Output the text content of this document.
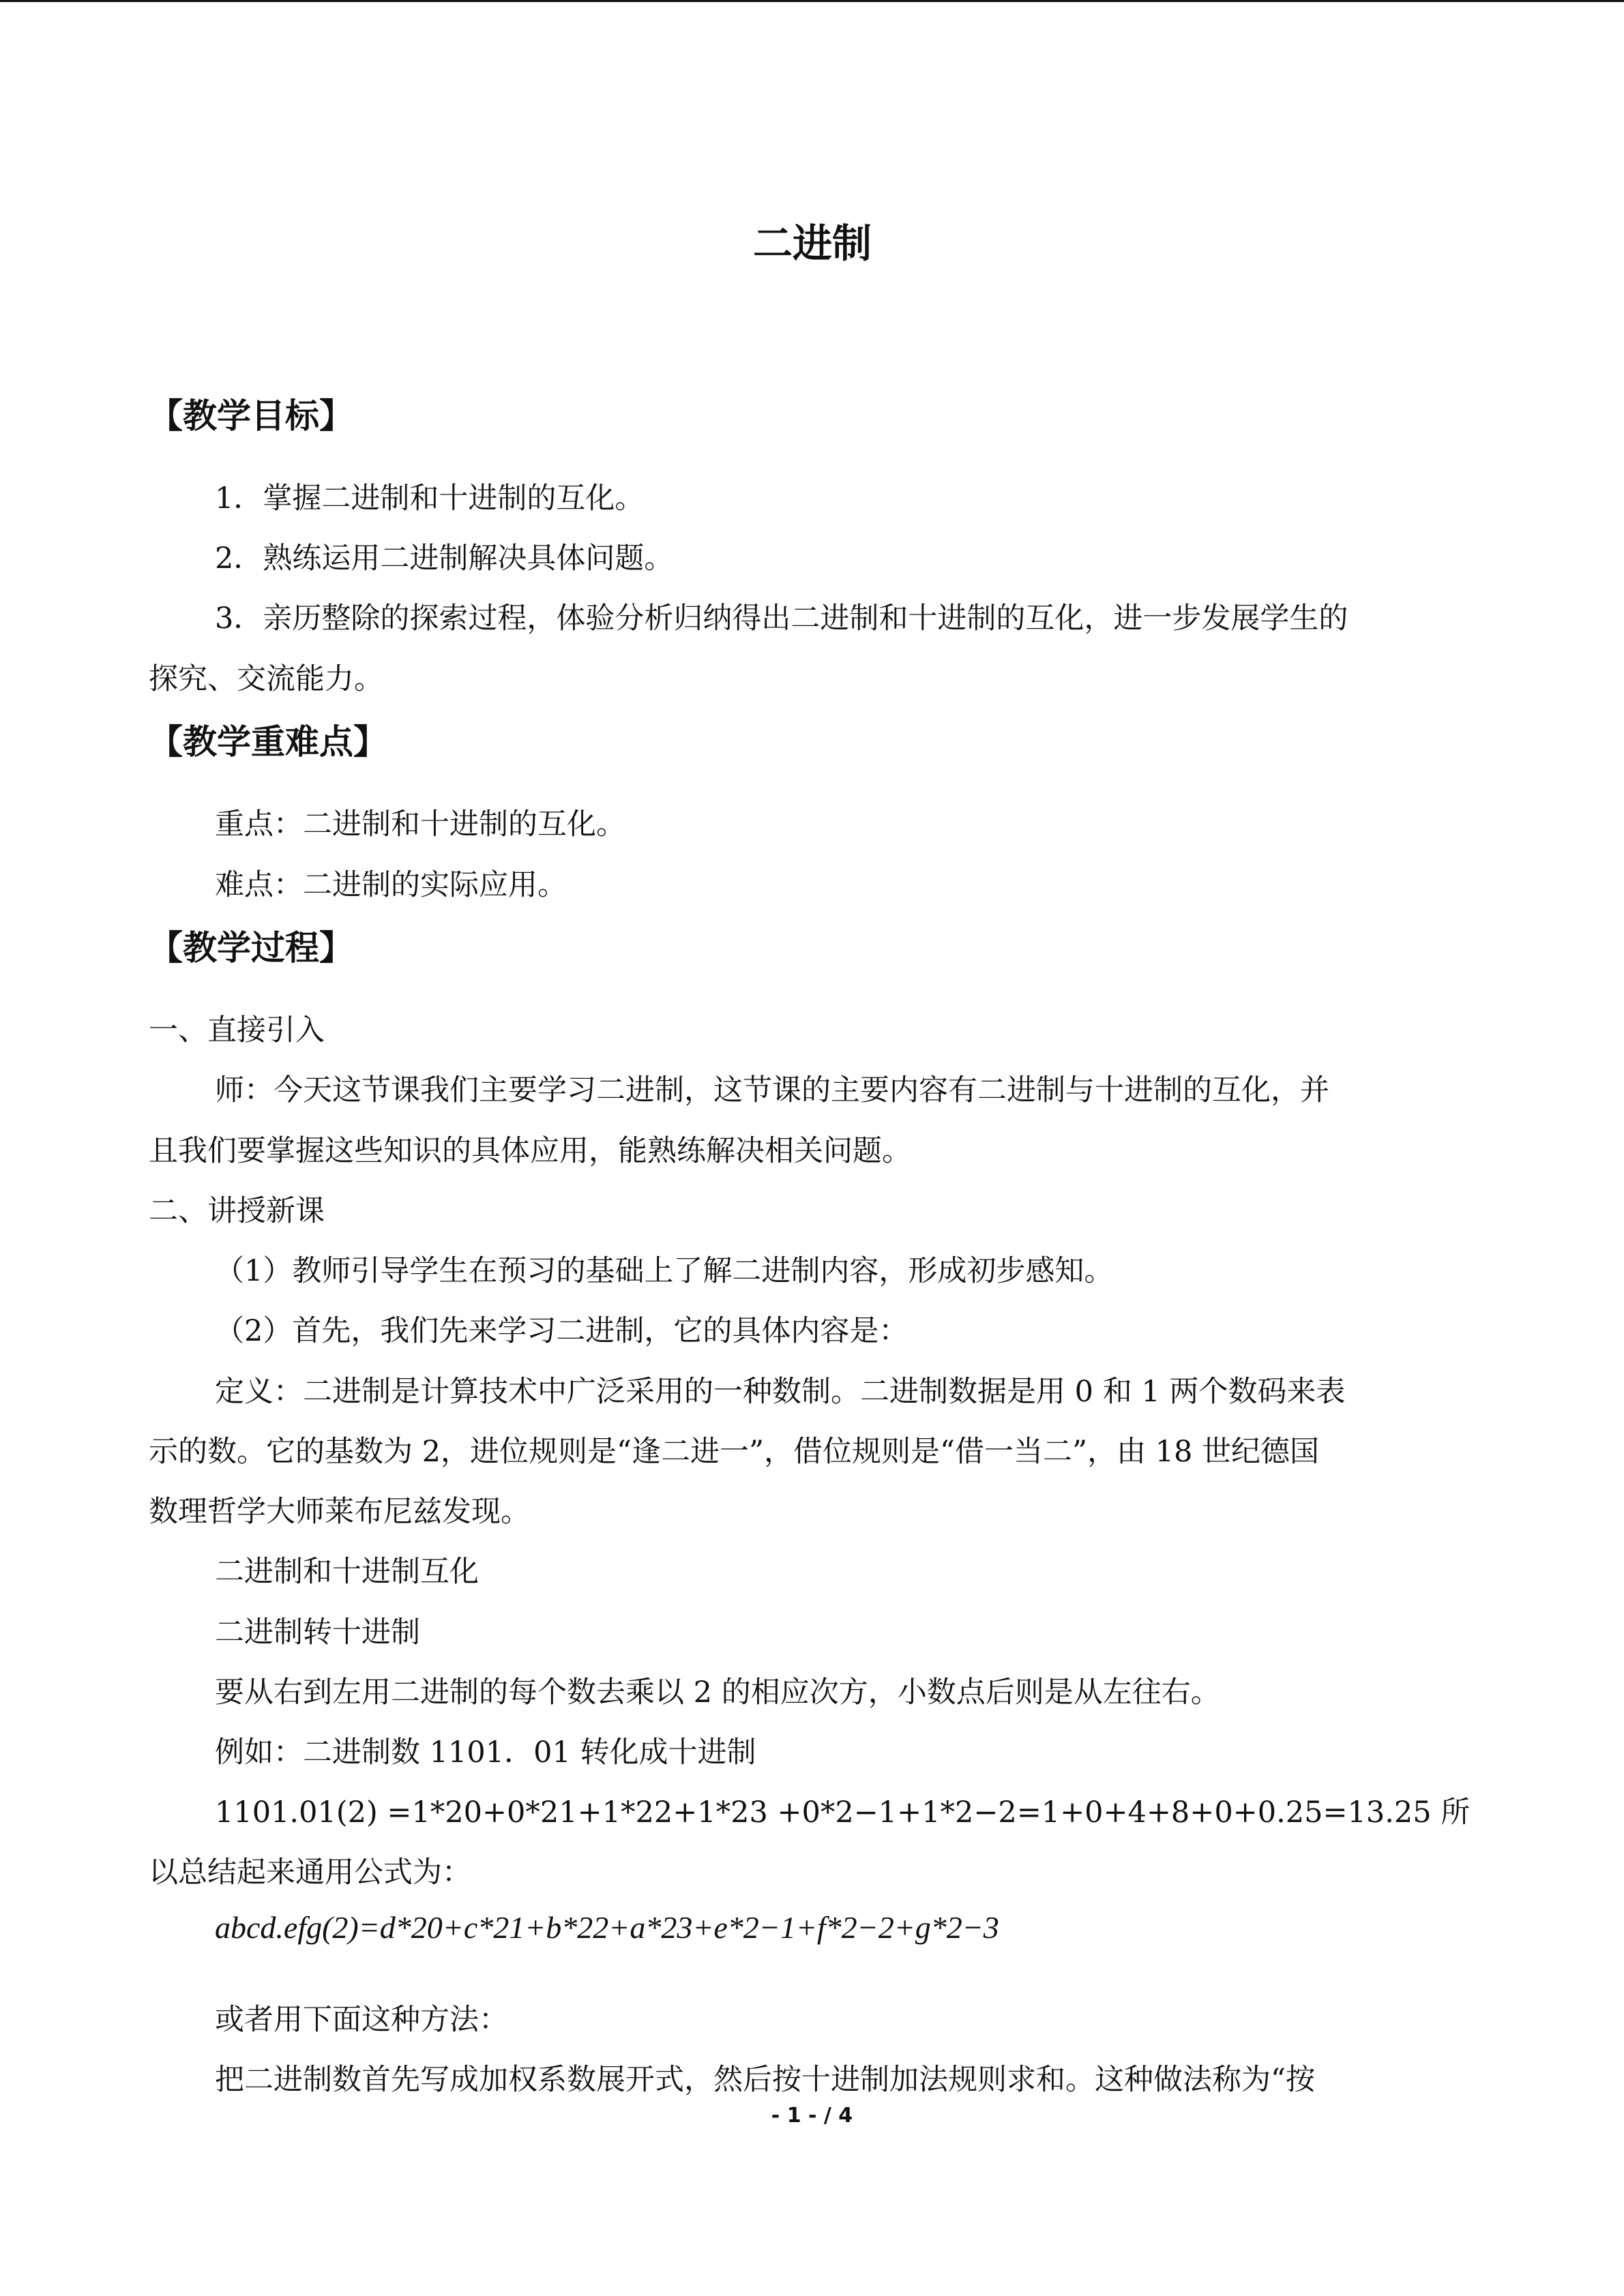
二进制
【教学目标】
1．掌握二进制和十进制的互化。
2．熟练运用二进制解决具体问题。
3．亲历整除的探索过程，体验分析归纳得出二进制和十进制的互化，进一步发展学生的
探究、交流能力。
【教学重难点】
重点：二进制和十进制的互化。
难点：二进制的实际应用。
【教学过程】
一、直接引入
师：今天这节课我们主要学习二进制，这节课的主要内容有二进制与十进制的互化，并
且我们要掌握这些知识的具体应用，能熟练解决相关问题。
二、讲授新课
（1）教师引导学生在预习的基础上了解二进制内容，形成初步感知。
（2）首先，我们先来学习二进制，它的具体内容是：
定义：二进制是计算技术中广泛采用的一种数制。二进制数据是用 0 和 1 两个数码来表
示的数。它的基数为 2，进位规则是“逢二进一”，借位规则是“借一当二”，由 18 世纪德国
数理哲学大师莱布尼兹发现。
二进制和十进制互化
二进制转十进制
要从右到左用二进制的每个数去乘以 2 的相应次方，小数点后则是从左往右。
例如：二进制数 1101．01 转化成十进制
1101.01(2) =1*20+0*21+1*22+1*23 +0*2−1+1*2−2=1+0+4+8+0+0.25=13.25 所
以总结起来通用公式为：
abcd.efg(2)=d*20+c*21+b*22+a*23+e*2−1+f*2−2+g*2−3
或者用下面这种方法：
把二进制数首先写成加权系数展开式，然后按十进制加法规则求和。这种做法称为“按
- 1 - / 4
